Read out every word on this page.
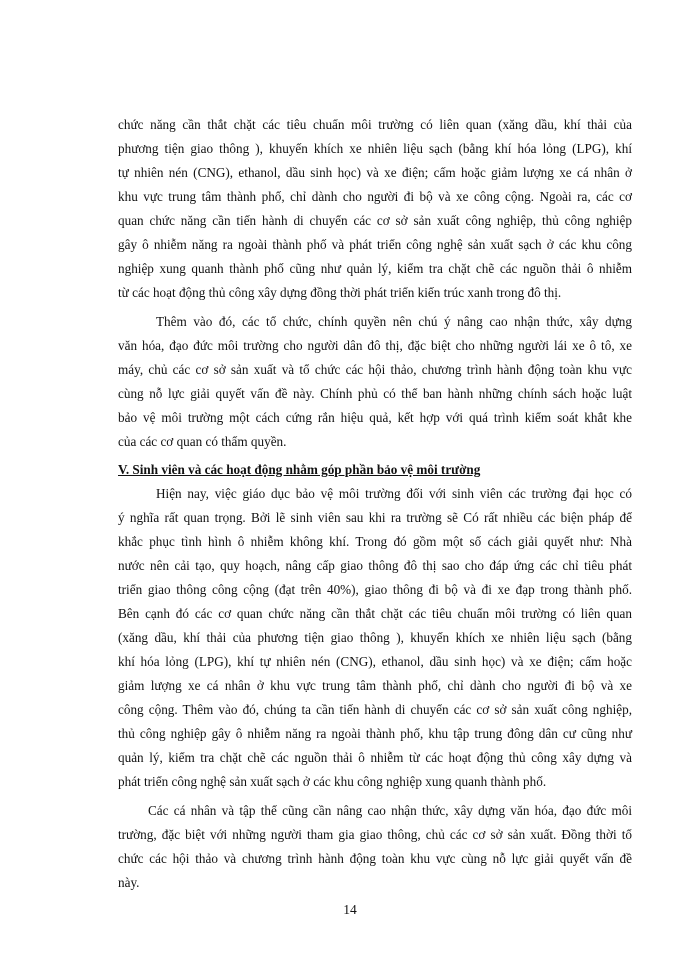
chức năng cần thắt chặt các tiêu chuẩn môi trường có liên quan (xăng dầu, khí thải của
phương tiện giao thông ), khuyến khích xe nhiên liệu sạch (bằng khí hóa lỏng (LPG), khí
tự nhiên nén (CNG), ethanol, dầu sinh học) và xe điện; cấm hoặc giảm lượng xe cá nhân ở
khu vực trung tâm thành phố, chỉ dành cho người đi bộ và xe công cộng. Ngoài ra, các cơ
quan chức năng cần tiến hành di chuyển các cơ sở sản xuất công nghiệp, thủ công nghiệp
gây ô nhiễm năng ra ngoài thành phố và phát triển công nghệ sản xuất sạch ở các khu công
nghiệp xung quanh thành phố cũng như quản lý, kiểm tra chặt chẽ các nguồn thải ô nhiễm
từ các hoạt động thủ công xây dựng đồng thời phát triển kiến trúc xanh trong đô thị.
Thêm vào đó, các tổ chức, chính quyền nên chú ý nâng cao nhận thức, xây dựng
văn hóa, đạo đức môi trường cho người dân đô thị, đặc biệt cho những người lái xe ô tô, xe
máy, chủ các cơ sở sản xuất và tổ chức các hội thảo, chương trình hành động toàn khu vực
cùng nỗ lực giải quyết vấn đề này. Chính phủ có thể ban hành những chính sách hoặc luật
bảo vệ môi trường một cách cứng rắn hiệu quả, kết hợp với quá trình kiểm soát khắt khe
của các cơ quan có thẩm quyền.
V. Sinh viên và các hoạt động nhằm góp phần bảo vệ môi trường
Hiện nay, việc giáo dục bảo vệ môi trường đối với sinh viên các trường đại học có
ý nghĩa rất quan trọng. Bởi lẽ sinh viên sau khi ra trường sẽ Có rất nhiều các biện pháp để
khắc phục tình hình ô nhiễm không khí. Trong đó gồm một số cách giải quyết như: Nhà
nước nên cải tạo, quy hoạch, nâng cấp giao thông đô thị sao cho đáp ứng các chỉ tiêu phát
triển giao thông công cộng (đạt trên 40%), giao thông đi bộ và đi xe đạp trong thành phố.
Bên cạnh đó các cơ quan chức năng cần thắt chặt các tiêu chuẩn môi trường có liên quan
(xăng dầu, khí thải của phương tiện giao thông ), khuyến khích xe nhiên liệu sạch (bằng
khí hóa lỏng (LPG), khí tự nhiên nén (CNG), ethanol, dầu sinh học) và xe điện; cấm hoặc
giảm lượng xe cá nhân ở khu vực trung tâm thành phố, chỉ dành cho người đi bộ và xe
công cộng. Thêm vào đó, chúng ta cần tiến hành di chuyển các cơ sở sản xuất công nghiệp,
thủ công nghiệp gây ô nhiễm năng ra ngoài thành phố, khu tập trung đông dân cư cũng như
quản lý, kiểm tra chặt chẽ các nguồn thải ô nhiễm từ các hoạt động thủ công xây dựng và
phát triển công nghệ sản xuất sạch ở các khu công nghiệp xung quanh thành phố.
Các cá nhân và tập thể cũng cần nâng cao nhận thức, xây dựng văn hóa, đạo đức môi
trường, đặc biệt với những người tham gia giao thông, chủ các cơ sở sản xuất. Đồng thời tổ
chức các hội thảo và chương trình hành động toàn khu vực cùng nỗ lực giải quyết vấn đề
này.
14
